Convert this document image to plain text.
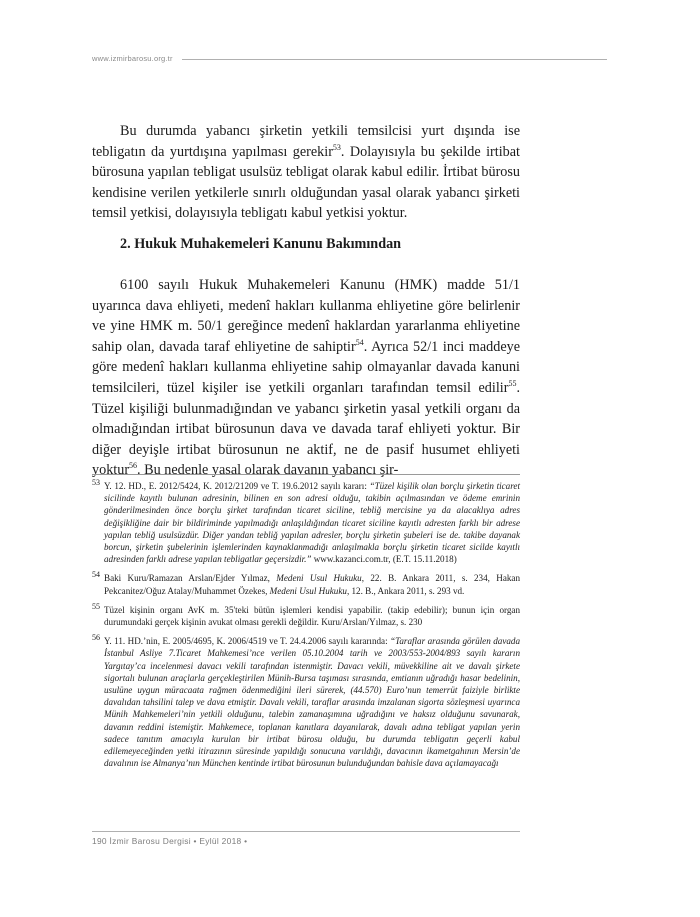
www.izmirbarosu.org.tr

Bu durumda yabancı şirketin yetkili temsilcisi yurt dışında ise tebligatın da yurtdışına yapılması gerekir$^{53}$. Dolayısıyla bu şekilde irtibat bürosuna yapılan tebligat usulsüz tebligat olarak kabul edilir. İrtibat bürosu kendisine verilen yetkilerle sınırlı olduğundan yasal olarak yabancı şirketi temsil yetkisi, dolayısıyla tebligatı kabul yetkisi yoktur.

2. Hukuk Muhakemeleri Kanunu Bakımından

6100 sayılı Hukuk Muhakemeleri Kanunu (HMK) madde 51/1 uyarınca dava ehliyeti, medenî hakları kullanma ehliyetine göre belirlenir ve yine HMK m. 50/1 gereğince medenî haklardan yararlanma ehliyetine sahip olan, davada taraf ehliyetine de sahiptir$^{54}$. Ayrıca 52/1 inci maddeye göre medenî hakları kullanma ehliyetine sahip olmayanlar davada kanuni temsilcileri, tüzel kişiler ise yetkili organları tarafından temsil edilir$^{55}$. Tüzel kişiliği bulunmadığından ve yabancı şirketin yasal yetkili organı da olmadığından irtibat bürosunun dava ve davada taraf ehliyeti yoktur. Bir diğer deyişle irtibat bürosunun ne aktif, ne de pasif husumet ehliyeti yoktur$^{56}$. Bu nedenle yasal olarak davanın yabancı şir-

53 Y. 12. HD., E. 2012/5424, K. 2012/21209 ve T. 19.6.2012 sayılı kararı: “Tüzel kişilik olan borçlu şirketin ticaret sicilinde kayıtlı bulunan adresinin, bilinen en son adresi olduğu, takibin açılmasından ve ödeme emrinin gönderilmesinden önce borçlu şirket tarafından ticaret siciline, tebliğ mercisine ya da alacaklıya adres değişikliğine dair bir bildiriminde yapılmadığı anlaşıldığından ticaret siciline kayıtlı adresten farklı bir adrese yapılan tebliğ usulsüzdür. Diğer yandan tebliğ yapılan adresler, borçlu şirketin şubeleri ise de. takibe dayanak borcun, şirketin şubelerinin işlemlerinden kaynaklanmadığı anlaşılmakla borçlu şirketin ticaret sicilde kayıtlı adresinden farklı adrese yapılan tebligatlar geçersizdir.” www.kazanci.com.tr, (E.T. 15.11.2018)
54 Baki Kuru/Ramazan Arslan/Ejder Yılmaz, Medeni Usul Hukuku, 22. B. Ankara 2011, s. 234, Hakan Pekcanitez/Oğuz Atalay/Muhammet Özekes, Medeni Usul Hukuku, 12. B., Ankara 2011, s. 293 vd.
55 Tüzel kişinin organı AvK m. 35'teki bütün işlemleri kendisi yapabilir. (takip edebilir); bunun için organ durumundaki gerçek kişinin avukat olması gerekli değildir. Kuru/Arslan/Yılmaz, s. 230
56 Y. 11. HD.’nin, E. 2005/4695, K. 2006/4519 ve T. 24.4.2006 sayılı kararında: “Taraflar arasında görülen davada İstanbul Asliye 7.Ticaret Mahkemesi’nce verilen 05.10.2004 tarih ve 2003/553-2004/893 sayılı kararın Yargıtay’ca incelenmesi davacı vekili tarafından istenmiştir. Davacı vekili, müvekkiline ait ve davalı şirkete sigortalı bulunan araçlarla gerçekleştirilen Münih-Bursa taşıması sırasında, emtianın uğradığı hasar bedelinin, usulüne uygun müracaata rağmen ödenmediğini ileri sürerek, (44.570) Euro’nun temerrüt faiziyle birlikte davalıdan tahsilini talep ve dava etmiştir. Davalı vekili, taraflar arasında imzalanan sigorta sözleşmesi uyarınca Münih Mahkemeleri’nin yetkili olduğunu, talebin zamanaşımına uğradığını ve haksız olduğunu savunarak, davanın reddini istemiştir. Mahkemece, toplanan kanıtlara dayanılarak, davalı adına tebligat yapılan yerin sadece tanıtım amacıyla kurulan bir irtibat bürosu olduğu, bu durumda tebligatın geçerli kabul edilemeyeceğinden yetki itirazının süresinde yapıldığı sonucuna varıldığı, davacının ikametgahının Mersin’de davalının ise Almanya’nın München kentinde irtibat bürosunun bulunduğundan bahisle dava açılamayacağı
190 İzmir Barosu Dergisi • Eylül 2018 •
